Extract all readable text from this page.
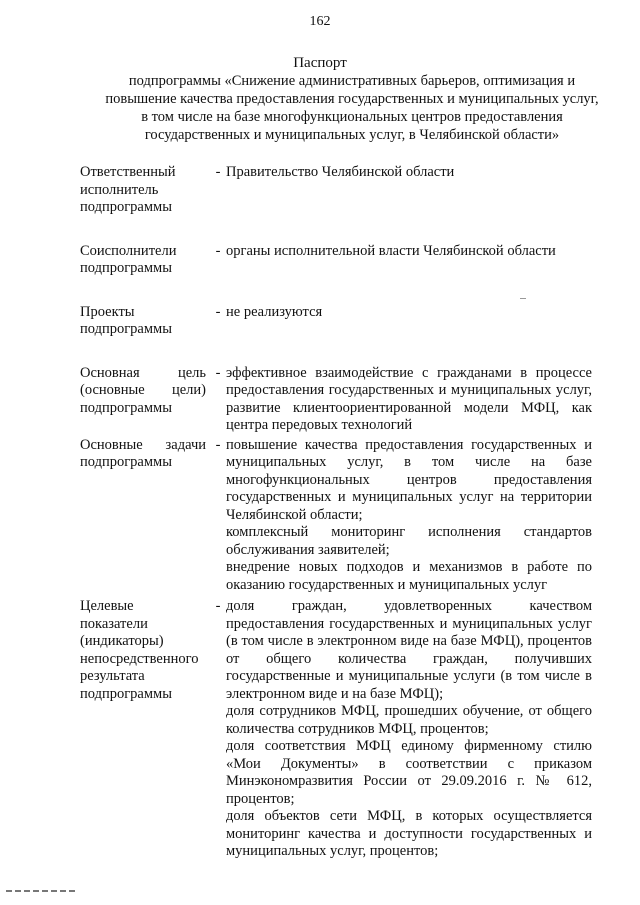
162
Паспорт
подпрограммы «Снижение административных барьеров, оптимизация и
повышение качества предоставления государственных и муниципальных услуг,
в том числе на базе многофункциональных центров предоставления
государственных и муниципальных услуг, в Челябинской области»
Ответственный
исполнитель
подпрограммы
- Правительство Челябинской области

Соисполнители
подпрограммы
- органы исполнительной власти Челябинской области

Проекты
подпрограммы
- не реализуются

Основная цель
(основные цели)
подпрограммы
- эффективное взаимодействие с гражданами в процессе предоставления государственных и муниципальных услуг, развитие клиентоориентированной модели МФЦ, как центра передовых технологий

Основные задачи
подпрограммы
- повышение качества предоставления государственных и муниципальных услуг, в том числе на базе многофункциональных центров предоставления государственных и муниципальных услуг на территории Челябинской области;

комплексный мониторинг исполнения стандартов обслуживания заявителей;

внедрение новых подходов и механизмов в работе по оказанию государственных и муниципальных услуг

Целевые
показатели
(индикаторы)
непосредственного
результата
подпрограммы
- доля граждан, удовлетворенных качеством предоставления государственных и муниципальных услуг (в том числе в электронном виде на базе МФЦ), процентов от общего количества граждан, получивших государственные и муниципальные услуги (в том числе в электронном виде и на базе МФЦ);

доля сотрудников МФЦ, прошедших обучение, от общего количества сотрудников МФЦ, процентов;

доля соответствия МФЦ единому фирменному стилю «Мои Документы» в соответствии с приказом Минэкономразвития России от 29.09.2016 г. № 612, процентов;

доля объектов сети МФЦ, в которых осуществляется мониторинг качества и доступности государственных и муниципальных услуг, процентов;
